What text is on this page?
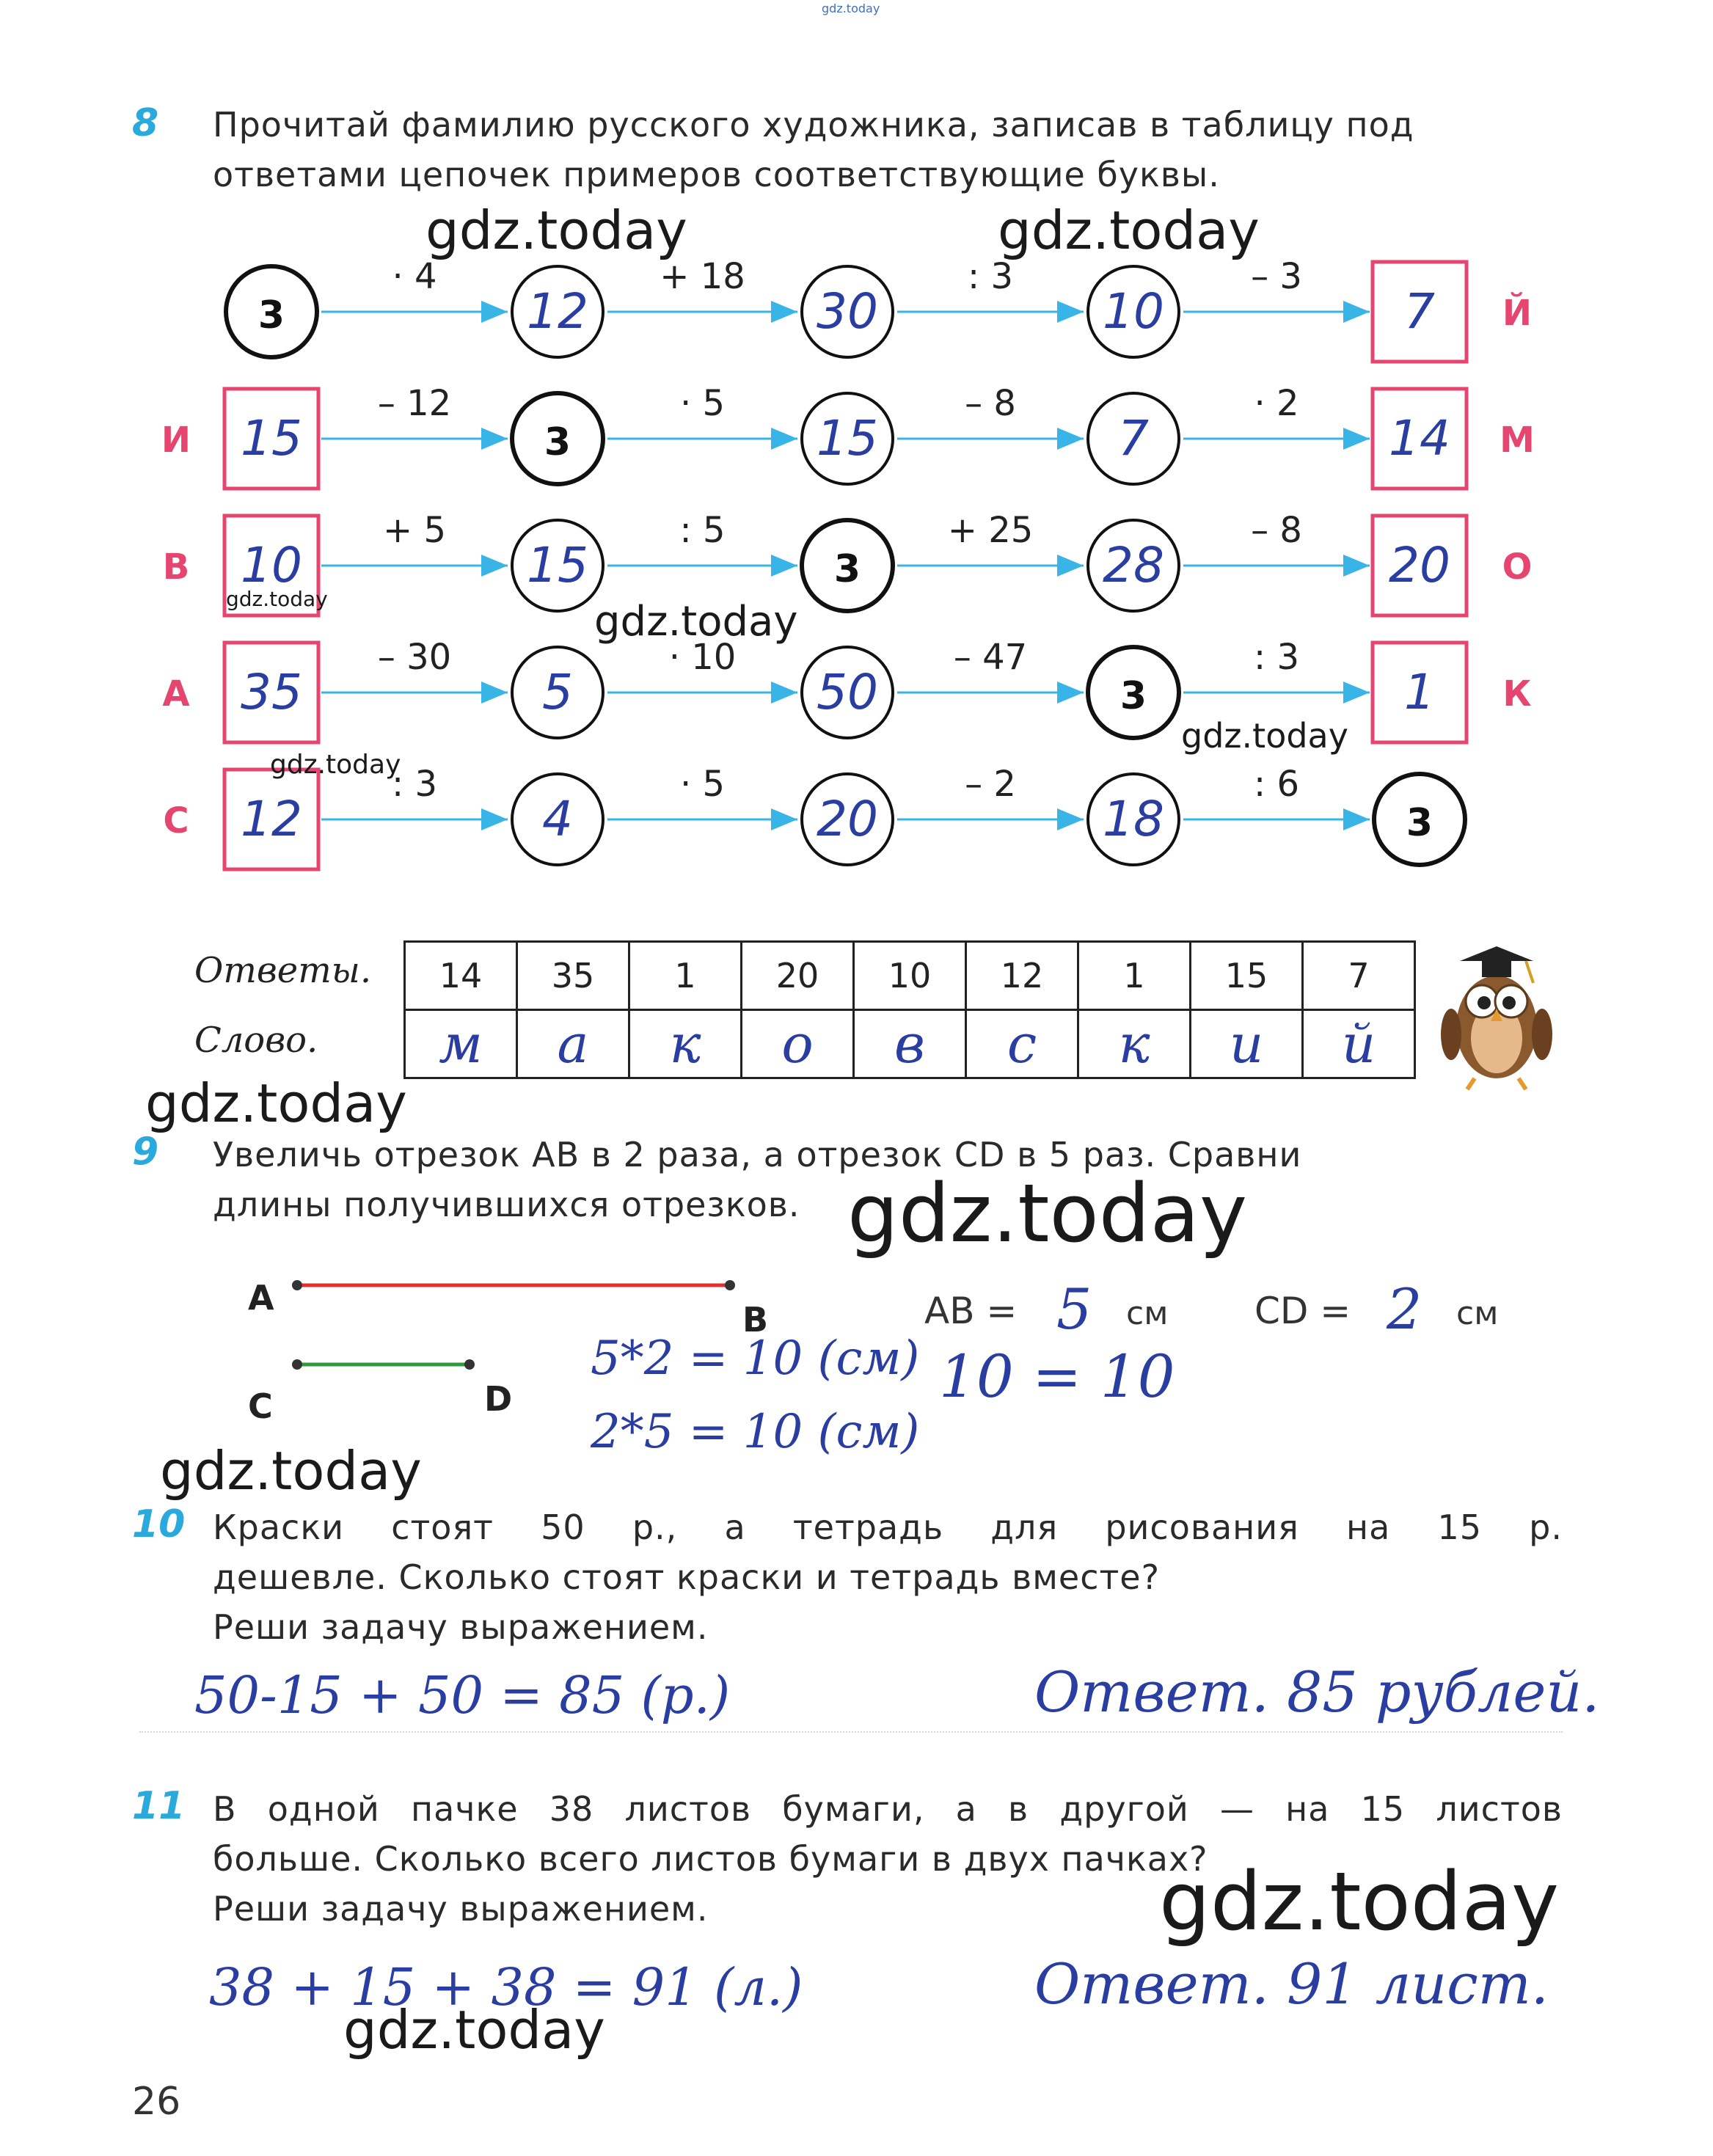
gdz.today
8 Прочитай фамилию русского художника, записав в таблицу под
ответами цепочек примеров соответствующие буквы.
· 4	+ 18	: 3	– 3
3	12	30	10	7 Й
– 12	· 5	– 8	· 2
15	3	15	7	14
И	М
+ 5	: 5	+ 25	– 8
10	15	3	28	20
В	О
– 30	· 10	– 47	: 3
35	5	50	3	1
А	К
: 3	· 5	– 2	: 6
12	4	20	18	3
С
Ответы.
Слово.
14	35	1	20	10	12	1	15	7
м	а	к	о	в	с	к	и	й
9 Увеличь отрезок AB в 2 раза, а отрезок CD в 5 раз. Сравни
длины получившихся отрезков.
A
B
C	D
5*2 = 10 (см)
2*5 = 10 (см)
AB = 5 см CD = 2 см
10 = 10
10 Краски стоят 50 р., а тетрадь для рисования на 15 р.
дешевле. Сколько стоят краски и тетрадь вместе?
Реши задачу выражением.
50-15 + 50 = 85 (р.)	Ответ. 85 рублей.
11 В одной пачке 38 листов бумаги, а в другой — на 15 листов
больше. Сколько всего листов бумаги в двух пачках?
Реши задачу выражением.
38 + 15 + 38 = 91 (л.)	Ответ. 91 лист.
26
gdz.today	gdz.today
gdz.today	gdz.today
gdz.today
gdz.today
gdz.today
gdz.today
gdz.today
gdz.today
gdz.today
